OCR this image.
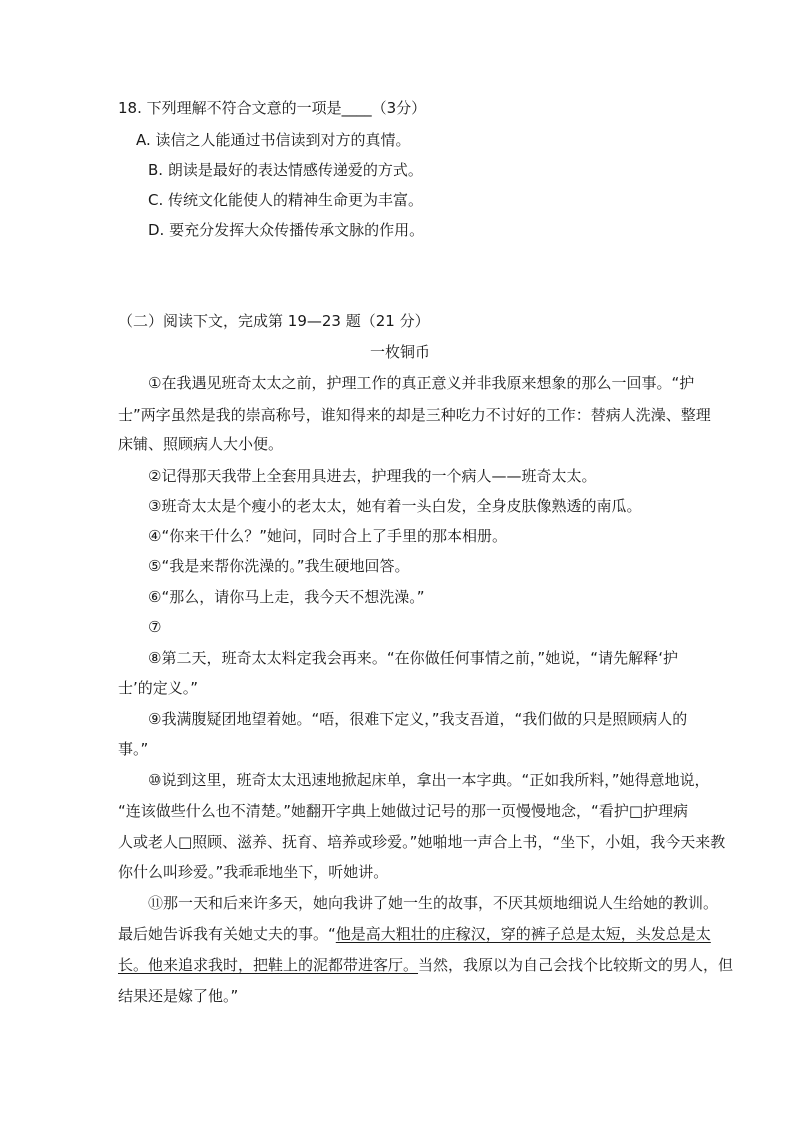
18. 下列理解不符合文意的一项是____（3分）
A. 读信之人能通过书信读到对方的真情。
B. 朗读是最好的表达情感传递爱的方式。
C. 传统文化能使人的精神生命更为丰富。
D. 要充分发挥大众传播传承文脉的作用。
（二）阅读下文，完成第 19—23 题（21 分）
一枚铜币
①在我遇见班奇太太之前，护理工作的真正意义并非我原来想象的那么一回事。“护
士”两字虽然是我的崇高称号，谁知得来的却是三种吃力不讨好的工作：替病人洗澡、整理
床铺、照顾病人大小便。
②记得那天我带上全套用具进去，护理我的一个病人——班奇太太。
③班奇太太是个瘦小的老太太，她有着一头白发，全身皮肤像熟透的南瓜。
④“你来干什么？”她问，同时合上了手里的那本相册。
⑤“我是来帮你洗澡的。”我生硬地回答。
⑥“那么，请你马上走，我今天不想洗澡。”
⑦
⑧第二天，班奇太太料定我会再来。“在你做任何事情之前，”她说，“请先解释‘护
士’的定义。”
⑨我满腹疑团地望着她。“唔，很难下定义，”我支吾道，“我们做的只是照顾病人的
事。”
⑩说到这里，班奇太太迅速地掀起床单，拿出一本字典。“正如我所料，”她得意地说，
“连该做些什么也不清楚。”她翻开字典上她做过记号的那一页慢慢地念，“看护□护理病
人或老人□照顾、滋养、抚育、培养或珍爱。”她啪地一声合上书，“坐下，小姐，我今天来教
你什么叫珍爱。”我乖乖地坐下，听她讲。
⑪那一天和后来许多天，她向我讲了她一生的故事，不厌其烦地细说人生给她的教训。
最后她告诉我有关她丈夫的事。“ 他是高大粗壮的庄稼汉，穿的裤子总是太短，头发总是太
长。他来追求我时，把鞋上的泥都带进客厅。 当然，我原以为自己会找个比较斯文的男人，但
结果还是嫁了他。”
